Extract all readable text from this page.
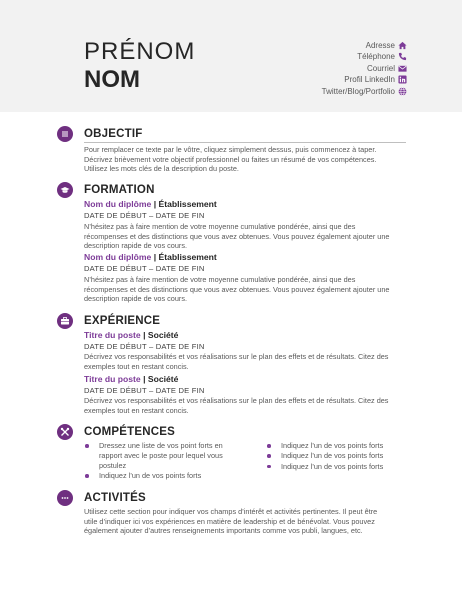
PRÉNOM
NOM
Adresse
Téléphone
Courriel
Profil LinkedIn
Twitter/Blog/Portfolio
OBJECTIF
Pour remplacer ce texte par le vôtre, cliquez simplement dessus, puis commencez à taper.
Décrivez brièvement votre objectif professionnel ou faites un résumé de vos compétences.
Utilisez les mots clés de la description du poste.
FORMATION
Nom du diplôme | Établissement
DATE DE DÉBUT – DATE DE FIN
N’hésitez pas à faire mention de votre moyenne cumulative pondérée, ainsi que des
récompenses et des distinctions que vous avez obtenues. Vous pouvez également ajouter une
description rapide de vos cours.
Nom du diplôme | Établissement
DATE DE DÉBUT – DATE DE FIN
N’hésitez pas à faire mention de votre moyenne cumulative pondérée, ainsi que des
récompenses et des distinctions que vous avez obtenues. Vous pouvez également ajouter une
description rapide de vos cours.
EXPÉRIENCE
Titre du poste | Société
DATE DE DÉBUT – DATE DE FIN
Décrivez vos responsabilités et vos réalisations sur le plan des effets et de résultats. Citez des
exemples tout en restant concis.
Titre du poste | Société
DATE DE DÉBUT – DATE DE FIN
Décrivez vos responsabilités et vos réalisations sur le plan des effets et de résultats. Citez des
exemples tout en restant concis.
COMPÉTENCES
Dressez une liste de vos point forts en
rapport avec le poste pour lequel vous
postulez
Indiquez l’un de vos points forts
Indiquez l’un de vos points forts
Indiquez l’un de vos points forts
Indiquez l’un de vos points forts
ACTIVITÉS
Utilisez cette section pour indiquer vos champs d’intérêt et activités pertinentes. Il peut être
utile d’indiquer ici vos expériences en matière de leadership et de bénévolat. Vous pouvez
également ajouter d’autres renseignements importants comme vos publi, langues, etc.
